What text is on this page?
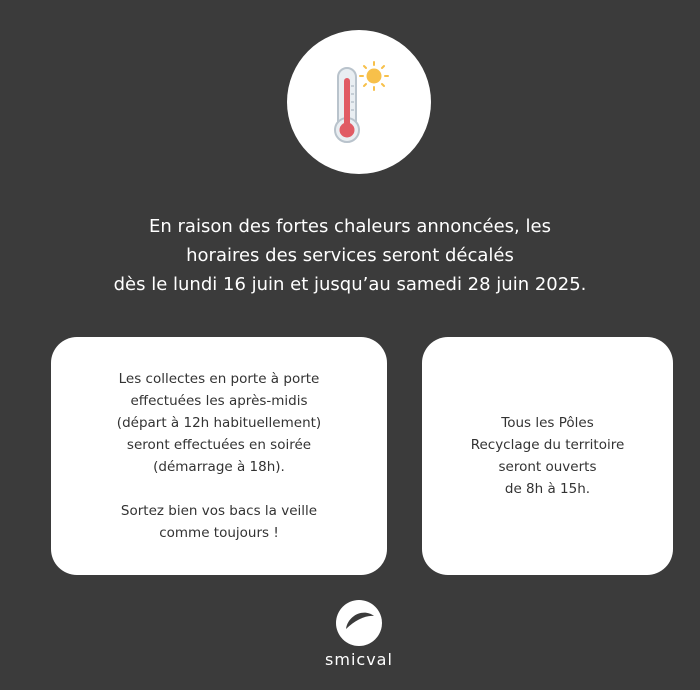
En raison des fortes chaleurs annoncées, les
horaires des services seront décalés
dès le lundi 16 juin et jusqu’au samedi 28 juin 2025.
Les collectes en porte à porte
effectuées les après-midis
(départ à 12h habituellement)
seront effectuées en soirée
(démarrage à 18h).
Sortez bien vos bacs la veille
comme toujours !
Tous les Pôles
Recyclage du territoire
seront ouverts
de 8h à 15h.
smicval
